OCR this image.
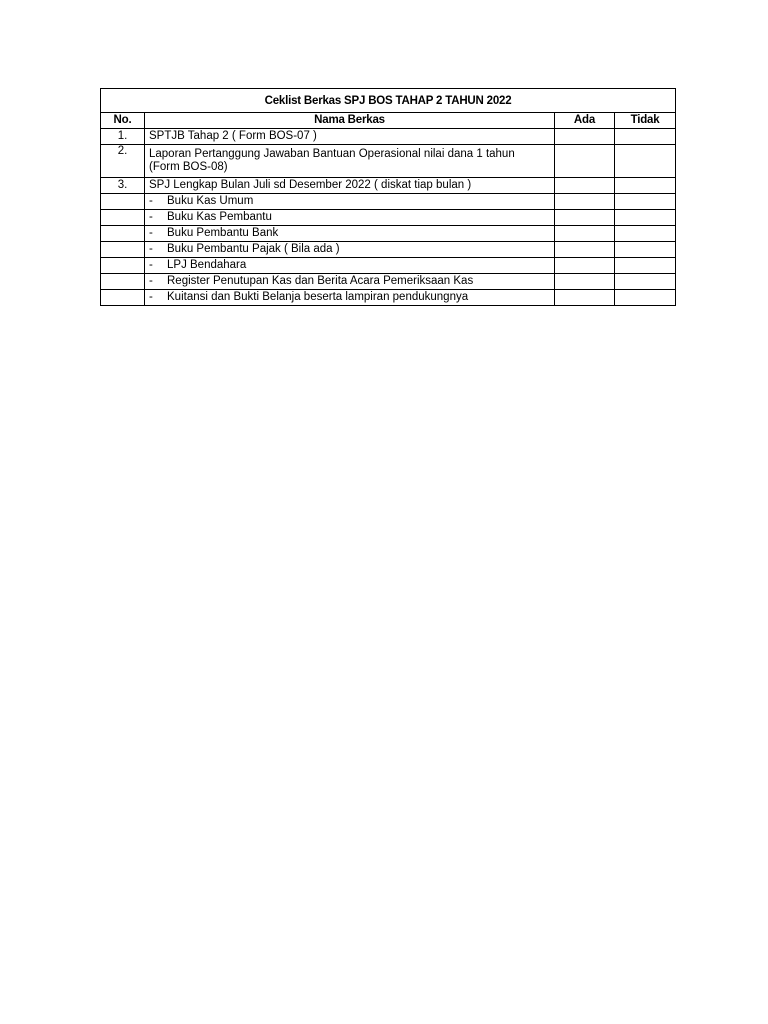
Ceklist Berkas SPJ BOS TAHAP 2 TAHUN 2022			
No.	Nama Berkas	Ada	Tidak
1.	SPTJB Tahap 2 ( Form BOS-07 )		
2.	Laporan Pertanggung Jawaban Bantuan Operasional nilai dana 1 tahun
(Form BOS-08)		

3.	SPJ Lengkap Bulan Juli sd Desember 2022 ( diskat tiap bulan )		
	- Buku Kas Umum		
	- Buku Kas Pembantu		
	- Buku Pembantu Bank		
	- Buku Pembantu Pajak ( Bila ada )		
	- LPJ Bendahara		
	- Register Penutupan Kas dan Berita Acara Pemeriksaan Kas		
	- Kuitansi dan Bukti Belanja beserta lampiran pendukungnya		
